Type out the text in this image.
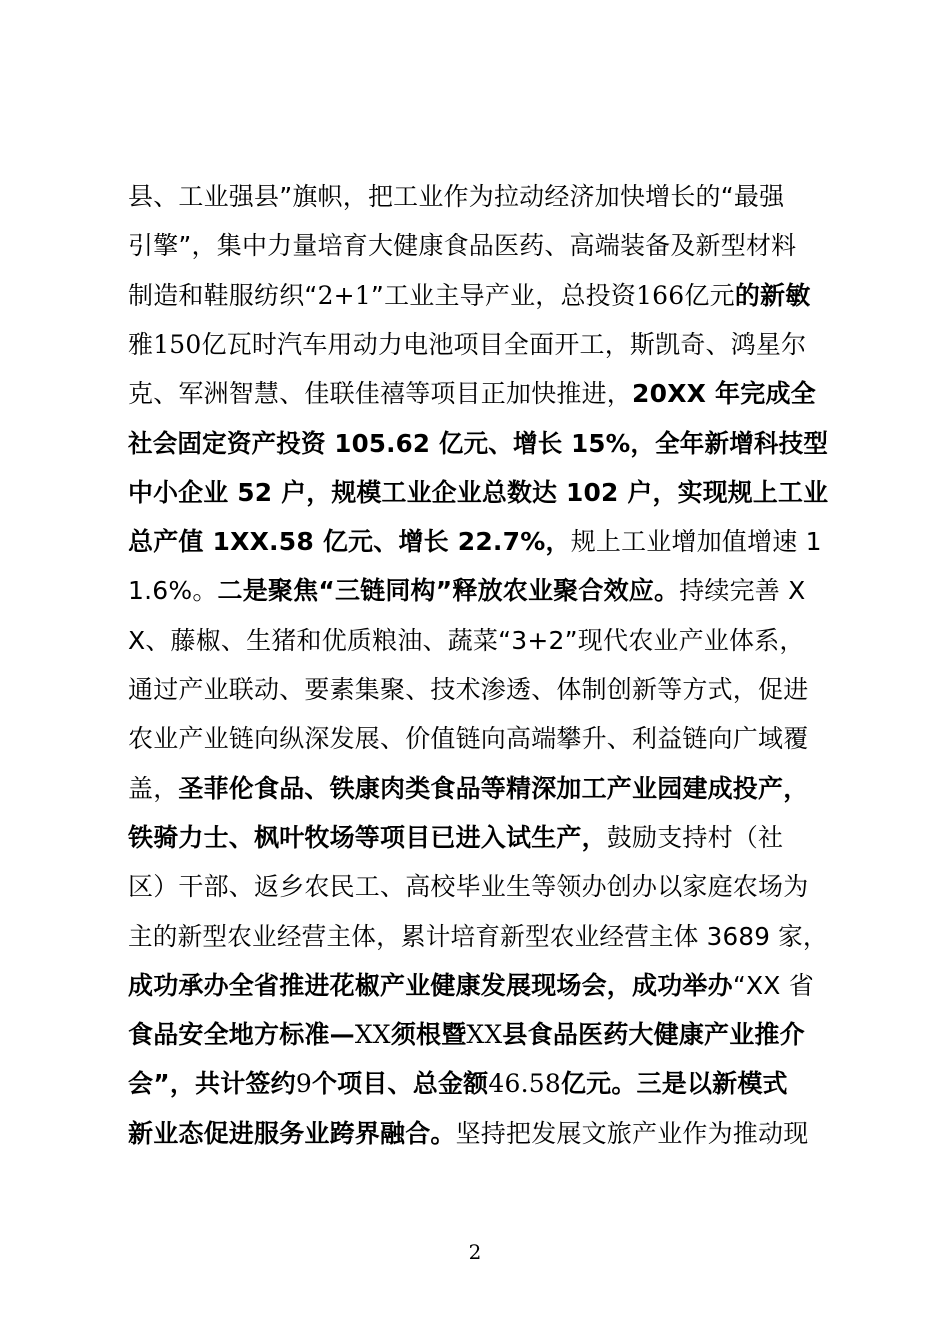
县、工业强县”旗帜，把工业作为拉动经济加快增长的“最强
引擎”，集中力量培育大健康食品医药、高端装备及新型材料
制造和鞋服纺织“2+1”工业主导产业，总投资166亿元的新敏
雅150亿瓦时汽车用动力电池项目全面开工，斯凯奇、鸿星尔
克、军洲智慧、佳联佳禧等项目正加快推进，20XX 年完成全
社会固定资产投资 105.62 亿元、增长 15%，全年新增科技型
中小企业 52 户，规模工业企业总数达 102 户，实现规上工业
总产值 1XX.58 亿元、增长 22.7%，规上工业增加值增速 1
1.6%。二是聚焦“三链同构”释放农业聚合效应。持续完善 X
X、藤椒、生猪和优质粮油、蔬菜“3+2”现代农业产业体系，
通过产业联动、要素集聚、技术渗透、体制创新等方式，促进
农业产业链向纵深发展、价值链向高端攀升、利益链向广域覆
盖，圣菲伦食品、铁康肉类食品等精深加工产业园建成投产，
铁骑力士、枫叶牧场等项目已进入试生产，鼓励支持村（社
区）干部、返乡农民工、高校毕业生等领办创办以家庭农场为
主的新型农业经营主体，累计培育新型农业经营主体 3689 家，
成功承办全省推进花椒产业健康发展现场会，成功举办“XX 省
食品安全地方标准—XX须根暨XX县食品医药大健康产业推介
会”，共计签约9个项目、总金额46.58亿元。三是以新模式
新业态促进服务业跨界融合。坚持把发展文旅产业作为推动现
2
